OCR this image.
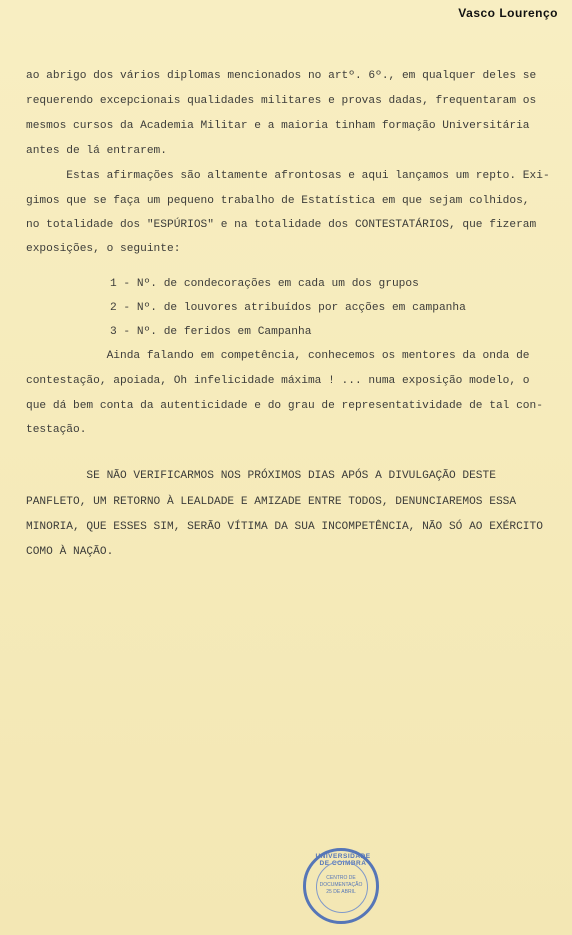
Vasco Lourenço
ao abrigo dos vários diplomas mencionados no artº. 6º., em qualquer deles se
requerendo excepcionais qualidades militares e provas dadas, frequentaram os
mesmos cursos da Academia Militar e a maioria tinham formação Universitária
antes de lá entrarem.
Estas afirmações são altamente afrontosas e aqui lançamos um repto. Exi-
gimos que se faça um pequeno trabalho de Estatística em que sejam colhidos,
no totalidade dos "ESPÚRIOS" e na totalidade dos CONTESTATÁRIOS, que fizeram
exposições, o seguinte:
1 - Nº. de condecorações em cada um dos grupos
2 - Nº. de louvores atribuídos por acções em campanha
3 - Nº. de feridos em Campanha
Ainda falando em competência, conhecemos os mentores da onda de
contestação, apoiada, Oh infelicidade máxima ! ... numa exposição modelo, o
que dá bem conta da autenticidade e do grau de representatividade de tal con-
testação.
SE NÃO VERIFICARMOS NOS PRÓXIMOS DIAS APÓS A DIVULGAÇÃO DESTE
PANFLETO, UM RETORNO À LEALDADE E AMIZADE ENTRE TODOS, DENUNCIAREMOS ESSA
MINORIA, QUE ESSES SIM, SERÃO VÍTIMA DA SUA INCOMPETÊNCIA, NÃO SÓ AO EXÉRCITO
COMO À NAÇÃO.
UNIVERSIDADE DE COIMBRA
CENTRO DE
DOCUMENTAÇÃO
25 DE ABRIL
